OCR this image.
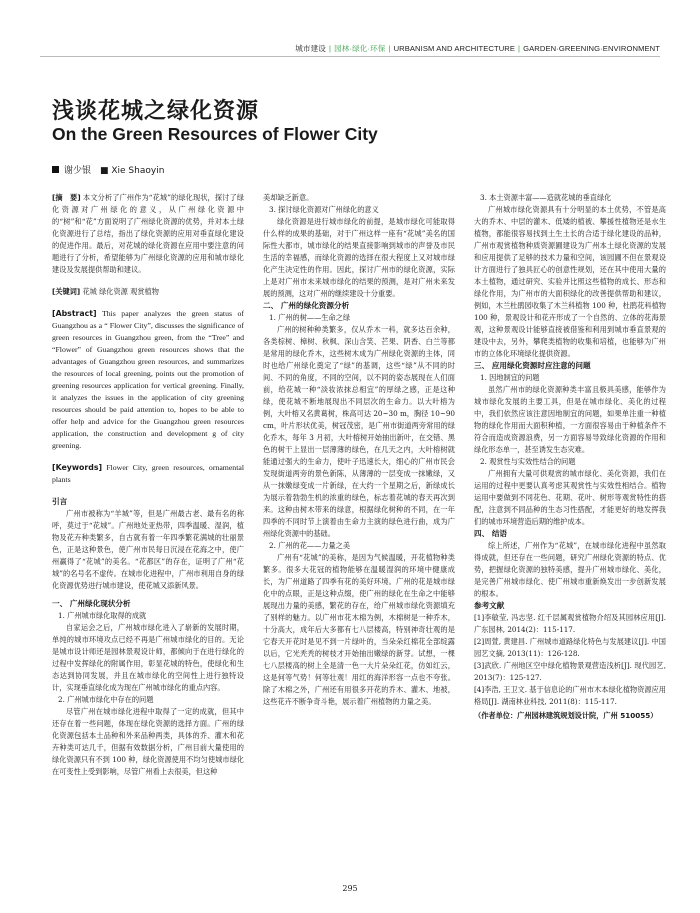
城市建设 | 园林·绿化·环保 | URBANISM AND ARCHITECTURE | GARDEN·GREENING·ENVIRONMENT
浅谈花城之绿化资源
On the Green Resources of Flower City
谢少银　■ Xie Shaoyin

[摘　要] 本文分析了广州作为“花城”的绿化现状，探讨了绿化资源对广州绿化的意义，从广州绿化资源中的“树”和“花”方面说明了广州绿化资源的优势，并对本土绿化资源进行了总结，指出了绿化资源的应用对垂直绿化建设的促进作用。最后，对花城的绿化资源在应用中要注意的问题进行了分析，希望能够为广州绿化资源的应用和城市绿化建设及发展提供帮助和建议。

[关键词] 花城 绿化资源 观赏植物

[Abstract] This paper analyzes the green status of Guangzhou as a “ Flower City”, discusses the significance of green resources in Guangzhou green, from the “Tree” and “Flower” of Guangzhou green resources shows that the advantages of Guangzhou green resources, and summarizes the resources of local greening, points out the promotion of greening resources application for vertical greening. Finally, it analyzes the issues in the application of city greening resources should be paid attention to, hopes to be able to offer help and advice for the Guangzhou green resources application, the construction and development g of city greening.

[Keywords] Flower City, green resources, ornamental plants

引言

广州市被称为“羊城”等，但是广州最古老、最有名的称呼，莫过于“花城”。广州地处亚热带，四季温暖、湿润，植物及花卉种类繁多，自古就有着一年四季繁花满城的壮丽景色，正是这种景色，使广州市民每日沉浸在花海之中，使广州赢得了“花城”的美名。“花都区”的存在，证明了广州“花城”的名号名不虚传。在城市化进程中，广州市利用自身的绿化资源优势进行城市建设，使花城又添新风景。

一、 广州绿化现状分析

1. 广州城市绿化取得的成就

自家运会之后，广州城市绿化进入了崭新的发展时期，单纯的城市环境攻点已经不再是广州城市绿化的目的。无论是城市设计师还是园林景观设计师，都倾向于在进行绿化的过程中发挥绿化的附属作用，彰显花城的特色，使绿化和生态达到协同发展，并且在城市绿化的空间性上进行独特设计，实现垂直绿化成为现在广州城市绿化的重点内容。

2. 广州城市绿化中存在的问题

尽管广州在城市绿化进程中取得了一定的成就，但其中还存在着一些问题，体现在绿化资源的选择方面。广州的绿化资源包括本土品种和外来品种两类，具体的乔、灌木和花卉种类可达几千，但据有效数据分析，广州目前大量使用的绿化资源只有不到 100 种，绿化资源使用不均匀使城市绿化在可变性上受到影响，尽管广州看上去很美，但这种

美却缺乏新意。

3. 探讨绿化资源对广州绿化的意义

绿化资源是进行城市绿化的前提，是城市绿化可能取得什么样的成果的基础，对于广州这样一座有“花城”美名的国际性大都市，城市绿化的结果直接影响到城市的声誉及市民生活的幸福感，而绿化资源的选择在很大程度上又对城市绿化产生决定性的作用。因此，探讨广州市的绿化资源，实际上是对广州市未来城市绿化的结果的预测，是对广州未来发展的预测，这对广州的继续建设十分重要。

二、 广州的绿化资源分析

1. 广州的树——生命之绿

广州的树种种类繁多，仅从乔木一科，就多达百余种，各类棕树、樟树、秋枫、深山含笑、芒果、阴香、白兰等都是常用的绿化乔木，这些树木成为广州绿化资源的主体，同时也给广州绿化奠定了“绿”的基调，这些“绿”从不同的时间、不同的角度，不同的空间，以不同的姿态展现在人们面前，给花城一种“淡妆浓抹总相宜”的厚绿之感，正是这种绿，使花城不断地展现出不同层次的生命力。以大叶榕为例，大叶榕又名黄葛树，株高可达 20~30 m，胸径 10~90 cm，叶片形状优美，树冠茂密，是广州市街道两旁常用的绿化乔木，每年 3 月初，大叶榕树开始抽出新叶，在交错、黑色的树干上显出一层薄薄的绿色，在几天之内，大叶榕树就能通过强大的生命力，使叶子迅速长大，细心的广州市民会发现街道两旁的景色新陈，从薄薄的一层变成一抹嫩绿，又从一抹嫩绿变成一片新绿，在大约一个星期之后，新绿成长为展示着勃勃生机的浓重的绿色，标志着花城的春天再次到来。这种由树木带来的绿意，根据绿化树种的不同，在一年四季的不同时节上演着由生命力主演的绿色进行曲，成为广州绿化资源中的基础。

2. 广州的花——力量之美

广州有“花城”的美称，是因为气候温暖，开花植物种类繁多。很多大花冠的植物能够在温暖湿润的环境中健康成长，为广州道路了四季有花的美好环境。广州的花是城市绿化中的点眼，正是这种点缀，使广州的绿化在生命之中能够展现出力量的美感，繁花的存在，给广州城市绿化资源填充了别样的魅力。以广州市花木棉为例，木棉树是一种乔木，十分高大，成年后大多都有七八层楼高，特别神奇壮观的是它春天开花时是见不到一片绿叶的，当朵朵红棉花全部绽露以后，它光秃秃的树枝才开始抽出嫩绿的新芽。试想，一棵七八层楼高的树上全是清一色一大片朵朵红花，仿如红云，这是何等气势！何等壮观！用红的海洋形容一点也不夸张。除了木棉之外，广州还有用很多开花的乔木、灌木、地被，这些花卉不断争奇斗艳，展示着广州植物的力量之美。

3. 本土资源丰富——造就花城的垂直绿化

广州城市绿化资源具有十分明显的本土优势，不管是高大的乔木、中层的灌木、低矮的植被、攀援性植物还是水生植物，都能很容易找到土生土长的合适于绿化建设的品种，广州市观赏植物种质资源圃建设为广州本土绿化资源的发展和应用提供了足够的技术力量和空间，该园圃不但在景观设计方面进行了独具匠心的创意性规划，还在其中使用大量的本土植物，通过研究、实验并比照这些植物的成长、形态和绿化作用，为广州市的大面积绿化的改善提供帮助和建议，例如，木兰杜鹃园收集了木兰科植物 100 种，杜鹃花科植物 100 种，景观设计和花卉形成了一个自然的、立体的花海景观，这种景观设计能够直接被借鉴和利用到城市垂直景观的建设中去，另外，攀爬类植物的收集和培植，也能够为广州市的立体化环境绿化提供资源。

三、 应用绿化资源时应注意的问题

1. 因地制宜的问题

虽然广州市的绿化资源种类丰富且极具美感，能够作为城市绿化发展的主要工具，但是在城市绿化、美化的过程中，我们依然应该注意因地制宜的问题，如果单注重一种植物的绿化作用而大面积种植，一方面很容易由于种植条件不符合而造成资源浪费，另一方面容易导致绿化资源的作用和绿化形态单一，甚至诱发生态灾难。

2. 观赏性与实效性结合的问题

广州拥有大量可供观赏的城市绿化、美化资源，我们在运用的过程中更要认真考虑其观赏性与实效性相结合。植物运用中要做到不同花色、花期、花叶、树形等观赏特性的搭配，注意到不同品种的生态习性搭配，才能更好的地发挥我们的城市环境营造后期的维护成本。

四、 结语

综上所述，广州作为“花城”，在城市绿化进程中虽然取得成就，但还存在一些问题，研究广州绿化资源的特点、优势，把握绿化资源的独特美感，提升广州城市绿化、美化，是完善广州城市绿化、使广州城市重新焕发出一步创新发展的根本。

参考文献

[1]李敏莹, 冯志坚. 红千层属观赏植物介绍及其园林应用[J]. 广东园林, 2014(2)：115-117.

[2]周萱, 黄建昌. 广州城市道路绿化特色与发展建议[J]. 中国园艺文摘, 2013(11)：126-128.

[3]武欣. 广州地区空中绿化植物景观营造浅析[J]. 现代园艺, 2013(7)：125-127.

[4]李浩, 王卫文. 基于信息论的广州市木本绿化植物资源应用格局[J]. 湖南林业科技, 2011(8)：115-117.

（作者单位：广州园林建筑规划设计院，广州 510055）

295
